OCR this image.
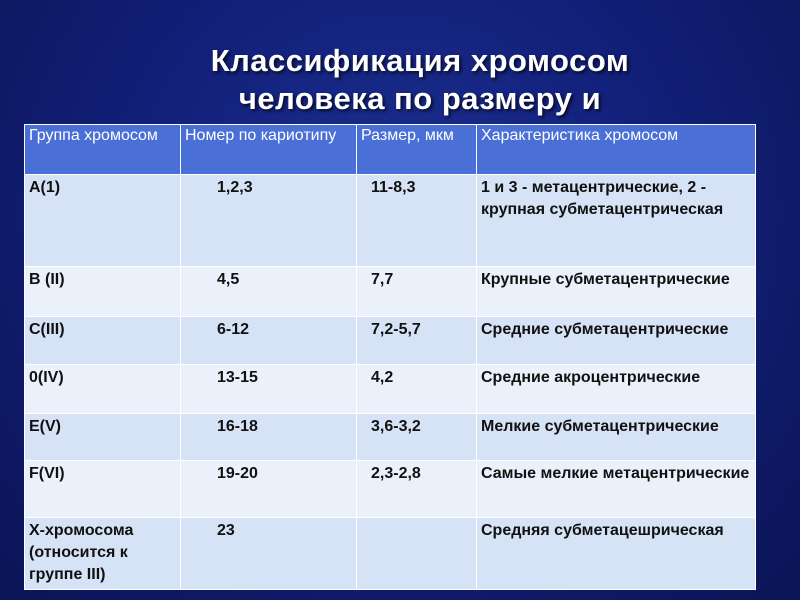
Классификация хромосом
человека по размеру и
Группа хромосом	Номер по кариотипу	Размер, мкм	Характеристика хромосом
А(1)	1,2,3	11-8,3	1 и 3 - метацентрические, 2 - крупная субметацентрическая
В (II)	4,5	7,7	Крупные субметацентрические
С(III)	6-12	7,2-5,7	Средние субметацентрические
0(IV)	13-15	4,2	Средние акроцентрические
Е(V)	16-18	3,6-3,2	Мелкие субметацентрические
F(VI)	19-20	2,3-2,8	Самые мелкие метацентрические
Х-хромосома (относится к группе III)	23		Средняя субметацешрическая
